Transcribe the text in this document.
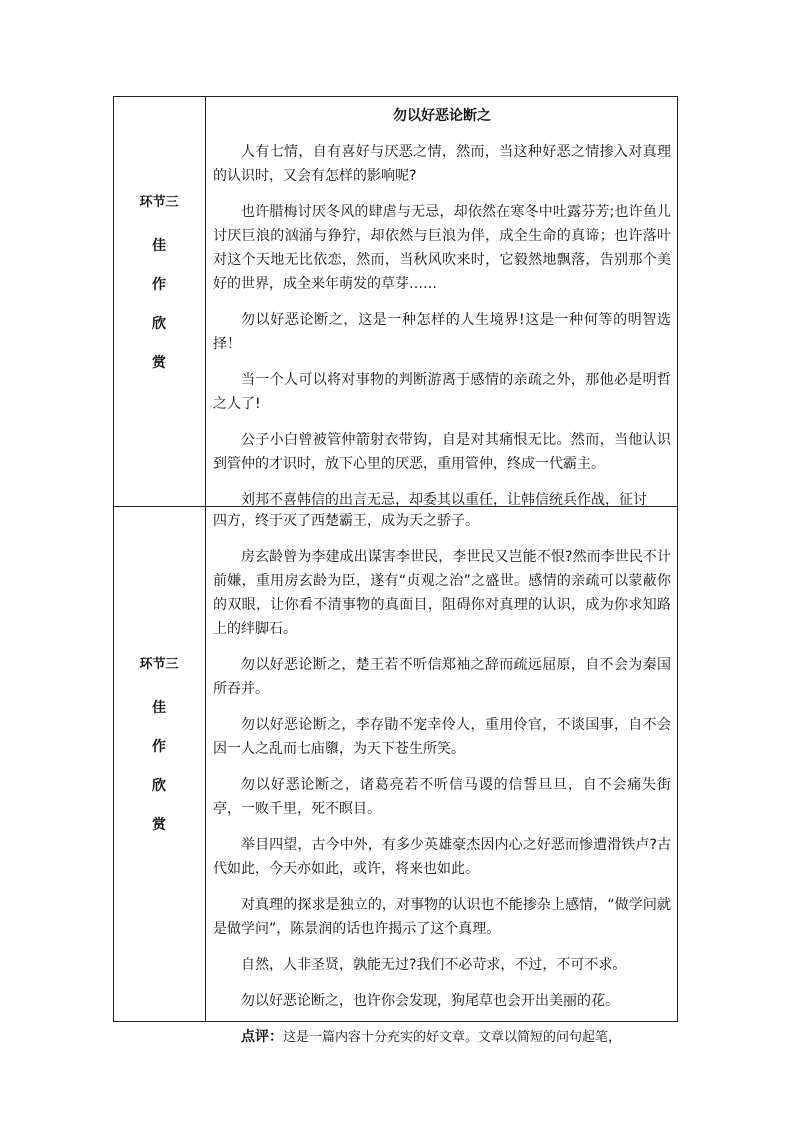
环节三
佳
作
欣
赏
勿以好恶论断之

人有七情，自有喜好与厌恶之情，然而，当这种好恶之情掺入对真理的认识时，又会有怎样的影响呢?

也许腊梅讨厌冬风的肆虐与无忌，却依然在寒冬中吐露芬芳;也许鱼儿讨厌巨浪的汹涌与狰狞，却依然与巨浪为伴，成全生命的真谛；也许落叶对这个天地无比依恋，然而，当秋风吹来时，它毅然地飘落，告别那个美好的世界，成全来年萌发的草芽……

勿以好恶论断之，这是一种怎样的人生境界!这是一种何等的明智选择！

当一个人可以将对事物的判断游离于感情的亲疏之外，那他必是明哲之人了!

公子小白曾被管仲箭射衣带钩，自是对其痛恨无比。然而，当他认识到管仲的才识时，放下心里的厌恶，重用管仲，终成一代霸主。

刘邦不喜韩信的出言无忌，却委其以重任，让韩信统兵作战，征讨

环节三
佳
作
欣
赏

四方，终于灭了西楚霸王，成为天之骄子。

房玄龄曾为李建成出谋害李世民，李世民又岂能不恨?然而李世民不计前嫌，重用房玄龄为臣，遂有“贞观之治”之盛世。感情的亲疏可以蒙蔽你的双眼，让你看不清事物的真面目，阻碍你对真理的认识，成为你求知路上的绊脚石。

勿以好恶论断之，楚王若不听信郑袖之辞而疏远屈原，自不会为秦国所吞并。

勿以好恶论断之，李存勖不宠幸伶人，重用伶官，不谈国事，自不会因一人之乱而七庙隳，为天下苍生所笑。

勿以好恶论断之，诸葛亮若不听信马谡的信誓旦旦，自不会痛失街亭，一败千里，死不瞑目。

举目四望，古今中外，有多少英雄豪杰因内心之好恶而惨遭滑铁卢?古代如此，今天亦如此，或许，将来也如此。

对真理的探求是独立的，对事物的认识也不能掺杂上感情，“做学问就是做学问”，陈景润的话也许揭示了这个真理。

自然，人非圣贤，孰能无过?我们不必苛求，不过，不可不求。

勿以好恶论断之，也许你会发现，狗尾草也会开出美丽的花。

点评：这是一篇内容十分充实的好文章。文章以简短的问句起笔，
